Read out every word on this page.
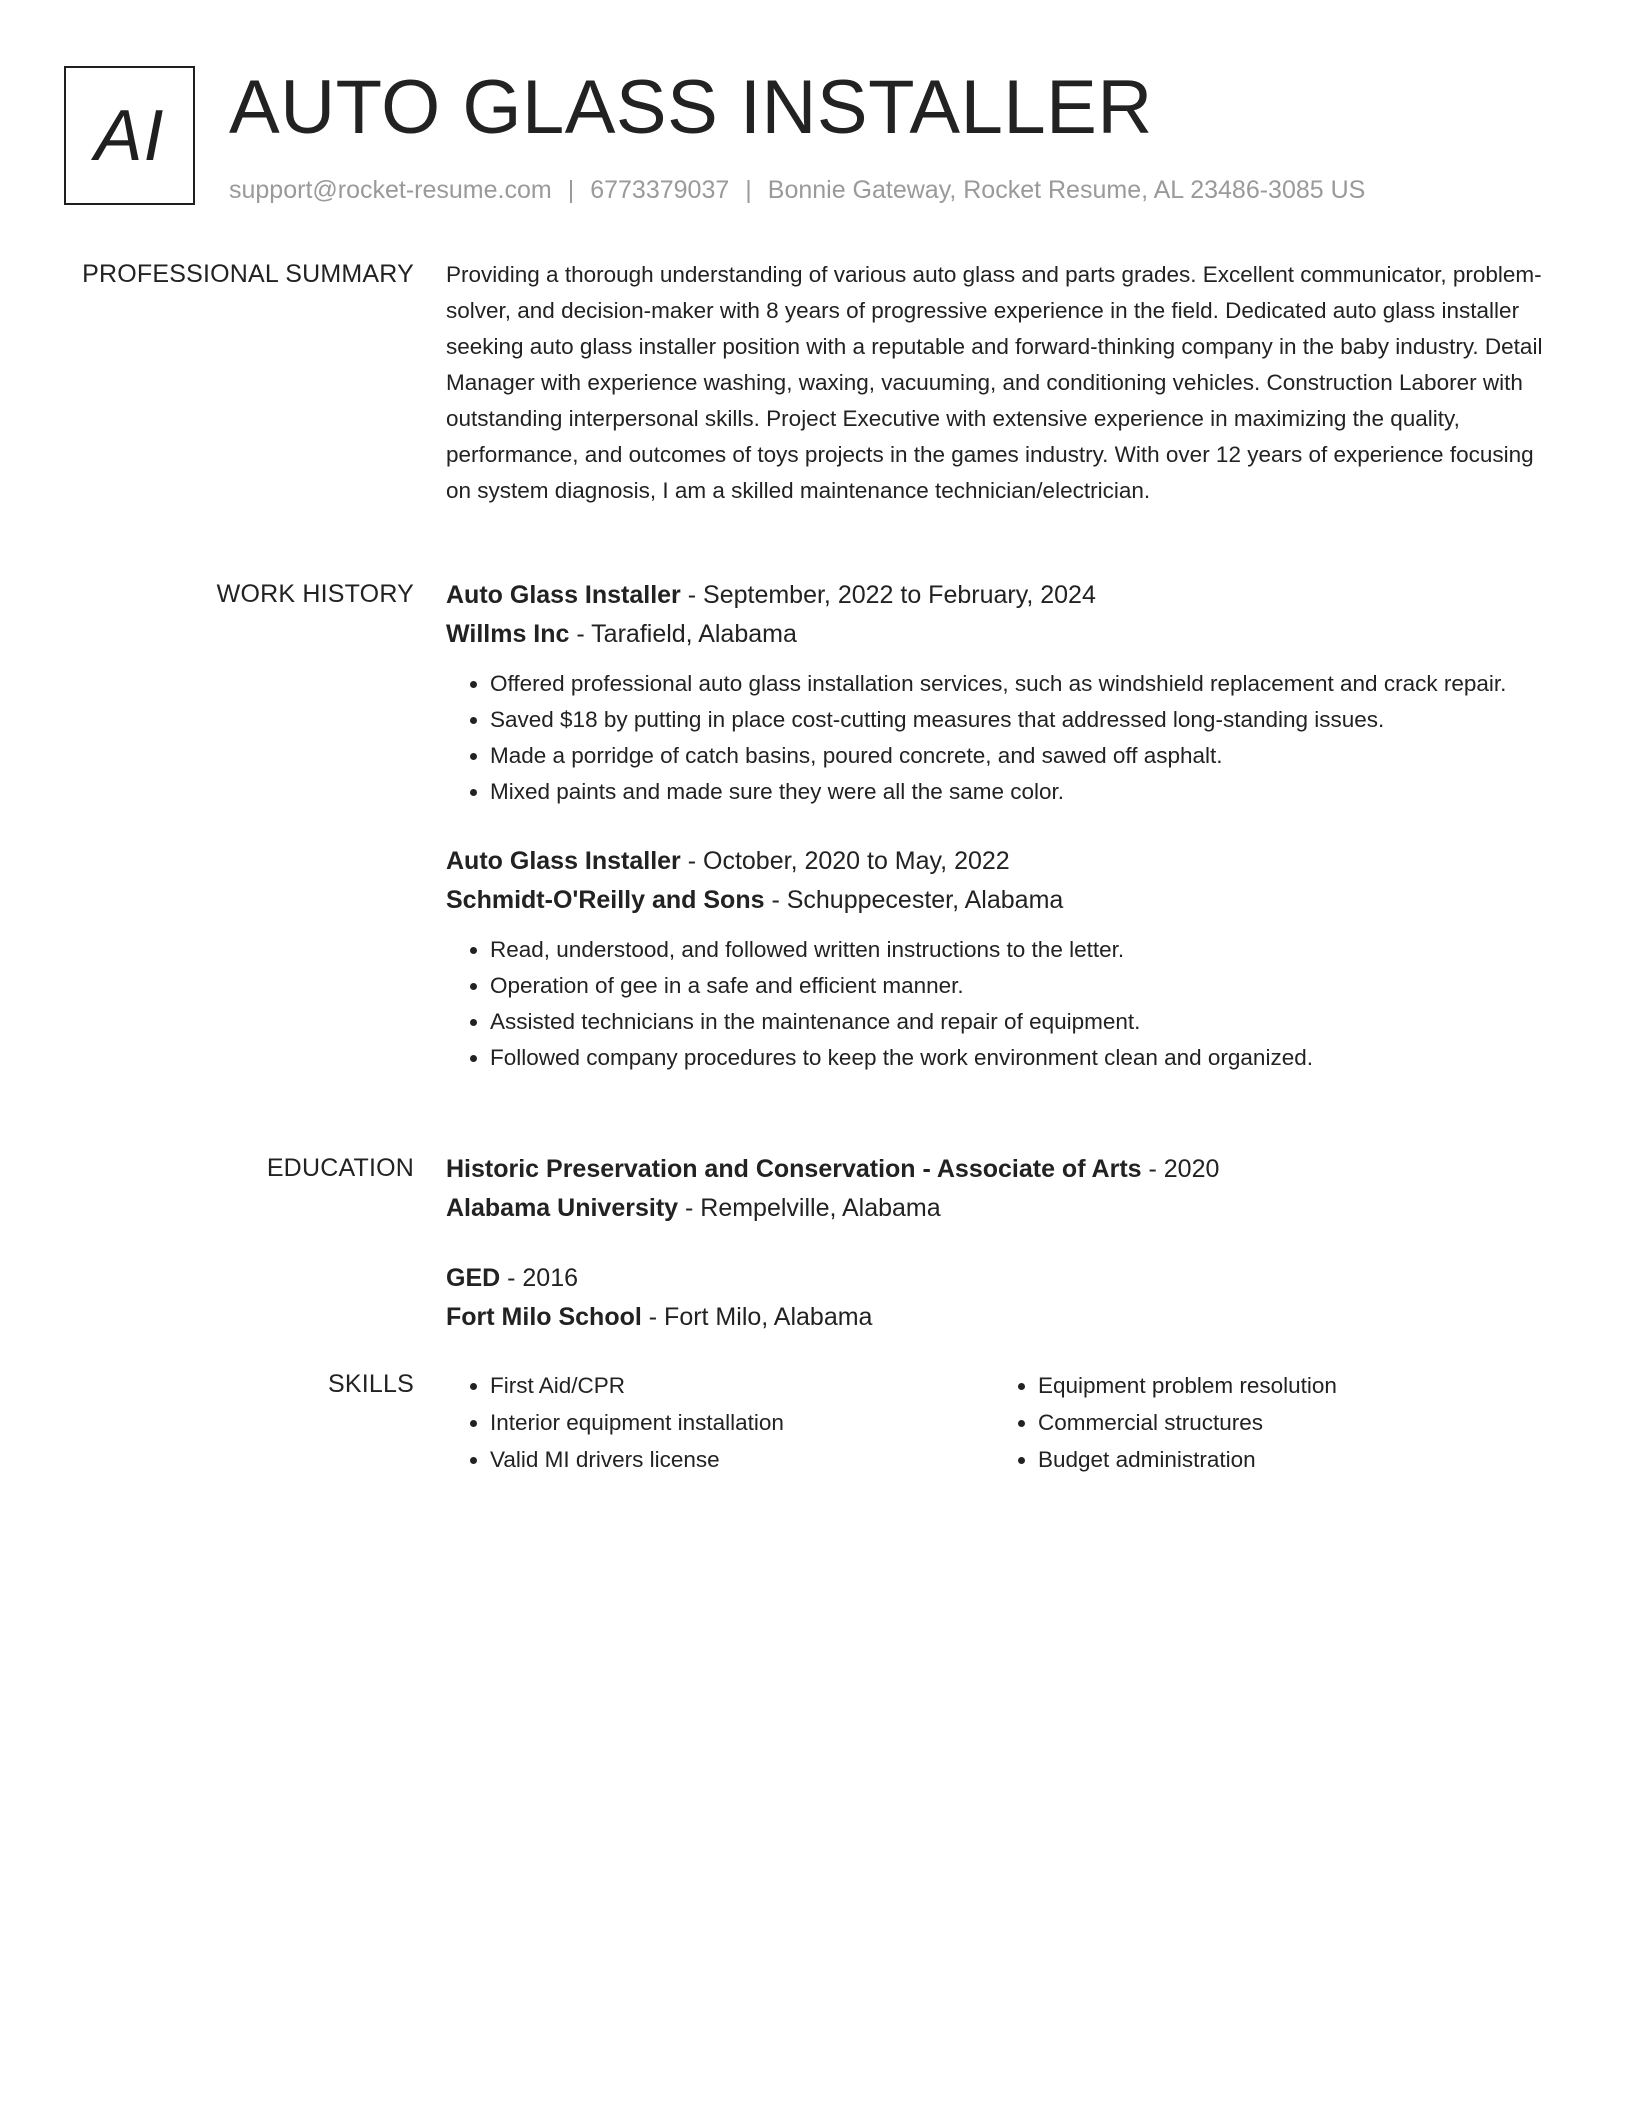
AI AUTO GLASS INSTALLER
support@rocket-resume.com | 6773379037 | Bonnie Gateway, Rocket Resume, AL 23486-3085 US
PROFESSIONAL SUMMARY Providing a thorough understanding of various auto glass and parts grades. Excellent communicator, problem-solver, and decision-maker with 8 years of progressive experience in the field. Dedicated auto glass installer seeking auto glass installer position with a reputable and forward-thinking company in the baby industry. Detail Manager with experience washing, waxing, vacuuming, and conditioning vehicles. Construction Laborer with outstanding interpersonal skills. Project Executive with extensive experience in maximizing the quality, performance, and outcomes of toys projects in the games industry. With over 12 years of experience focusing on system diagnosis, I am a skilled maintenance technician/electrician.

WORK HISTORY Auto Glass Installer - September, 2022 to February, 2024
Willms Inc - Tarafield, Alabama
• Offered professional auto glass installation services, such as windshield replacement and crack repair.
• Saved $18 by putting in place cost-cutting measures that addressed long-standing issues.
• Made a porridge of catch basins, poured concrete, and sawed off asphalt.
• Mixed paints and made sure they were all the same color.
Auto Glass Installer - October, 2020 to May, 2022
Schmidt-O'Reilly and Sons - Schuppecester, Alabama
• Read, understood, and followed written instructions to the letter.
• Operation of gee in a safe and efficient manner.
• Assisted technicians in the maintenance and repair of equipment.
• Followed company procedures to keep the work environment clean and organized.
EDUCATION Historic Preservation and Conservation - Associate of Arts - 2020
Alabama University - Rempelville, Alabama
GED - 2016
Fort Milo School - Fort Milo, Alabama
SKILLS
•	First Aid/CPR
• Interior equipment installation
• Valid MI drivers license
• Equipment problem resolution
• Commercial structures
• Budget administration
